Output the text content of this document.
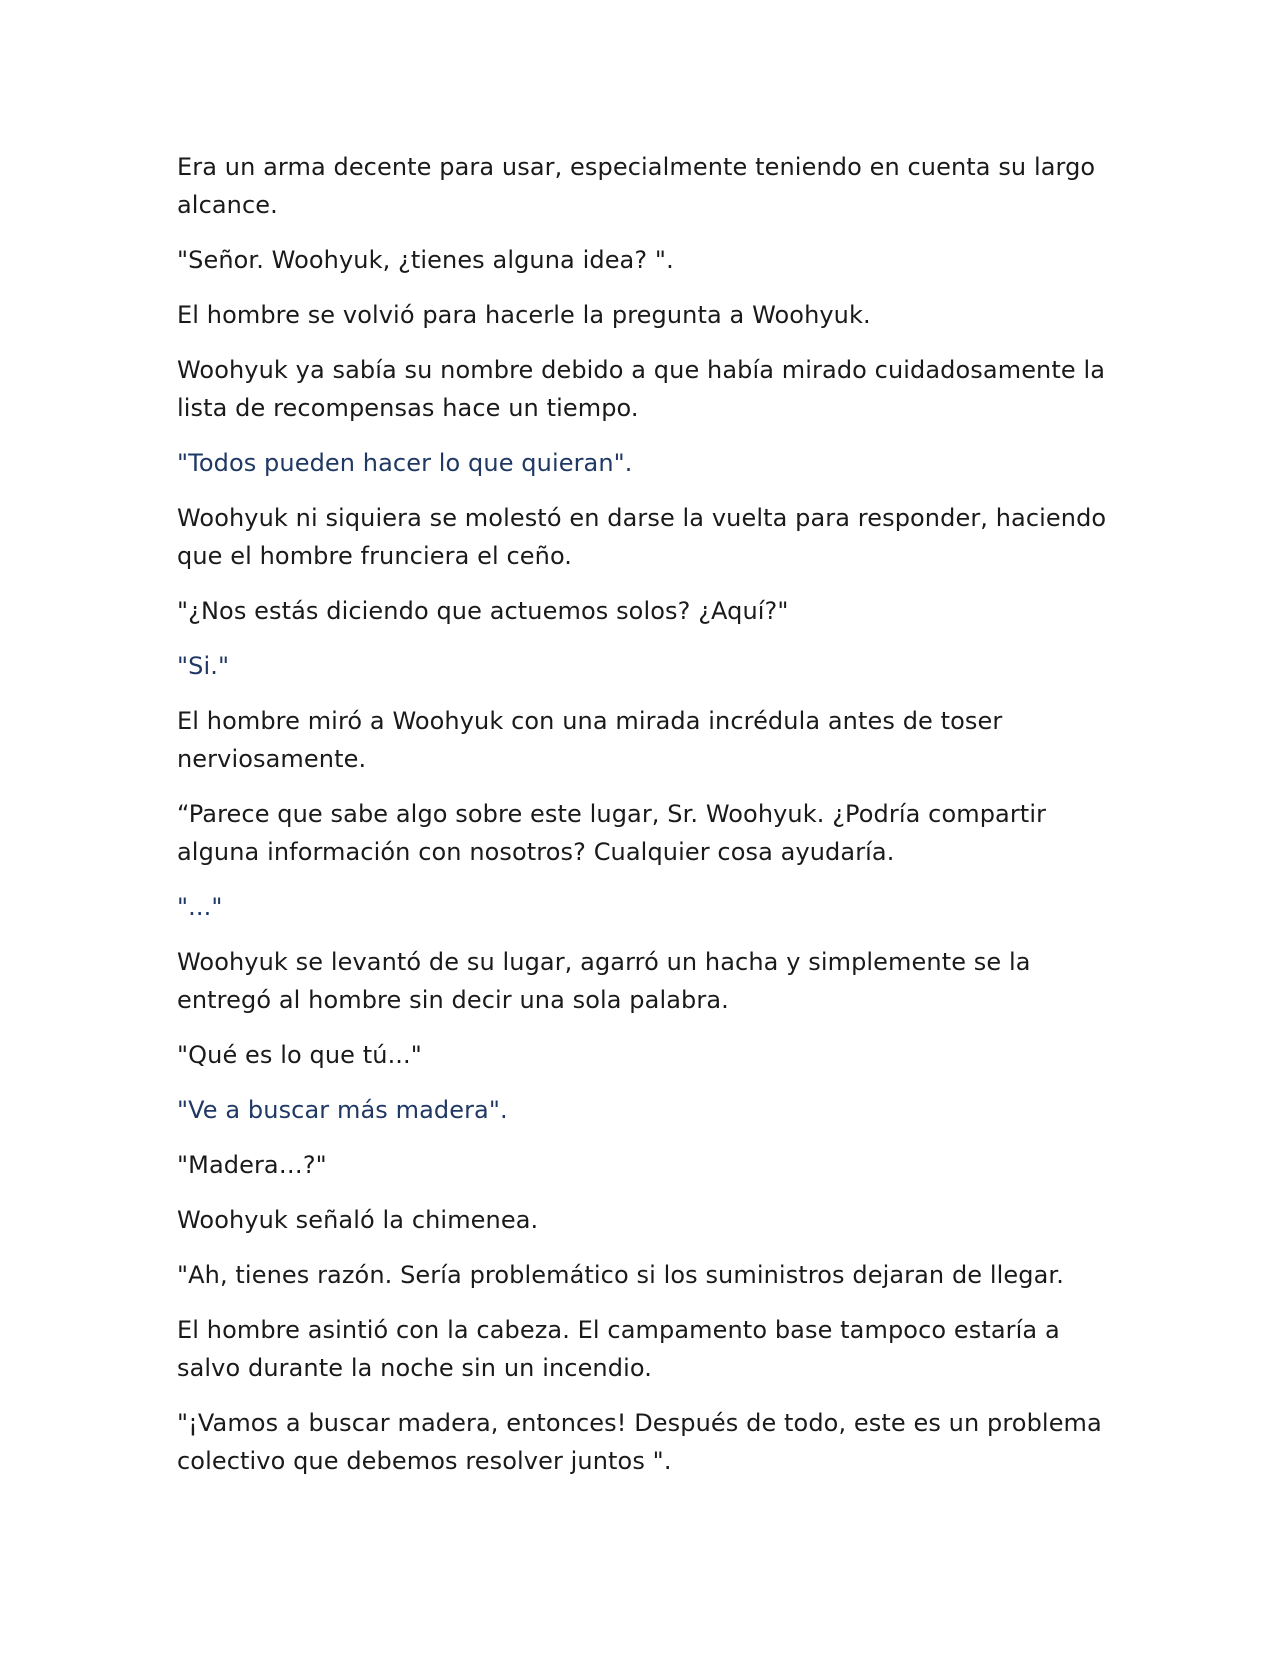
Era un arma decente para usar, especialmente teniendo en cuenta su largo alcance.

"Señor. Woohyuk, ¿tienes alguna idea? ".

El hombre se volvió para hacerle la pregunta a Woohyuk.

Woohyuk ya sabía su nombre debido a que había mirado cuidadosamente la lista de recompensas hace un tiempo.

"Todos pueden hacer lo que quieran".

Woohyuk ni siquiera se molestó en darse la vuelta para responder, haciendo que el hombre frunciera el ceño.

"¿Nos estás diciendo que actuemos solos? ¿Aquí?"

"Si."

El hombre miró a Woohyuk con una mirada incrédula antes de toser nerviosamente.

“Parece que sabe algo sobre este lugar, Sr. Woohyuk. ¿Podría compartir alguna información con nosotros? Cualquier cosa ayudaría.

"..."

Woohyuk se levantó de su lugar, agarró un hacha y simplemente se la entregó al hombre sin decir una sola palabra.

"Qué es lo que tú..."

"Ve a buscar más madera".

"Madera…?"

Woohyuk señaló la chimenea.

"Ah, tienes razón. Sería problemático si los suministros dejaran de llegar.

El hombre asintió con la cabeza. El campamento base tampoco estaría a salvo durante la noche sin un incendio.

"¡Vamos a buscar madera, entonces! Después de todo, este es un problema colectivo que debemos resolver juntos ".
